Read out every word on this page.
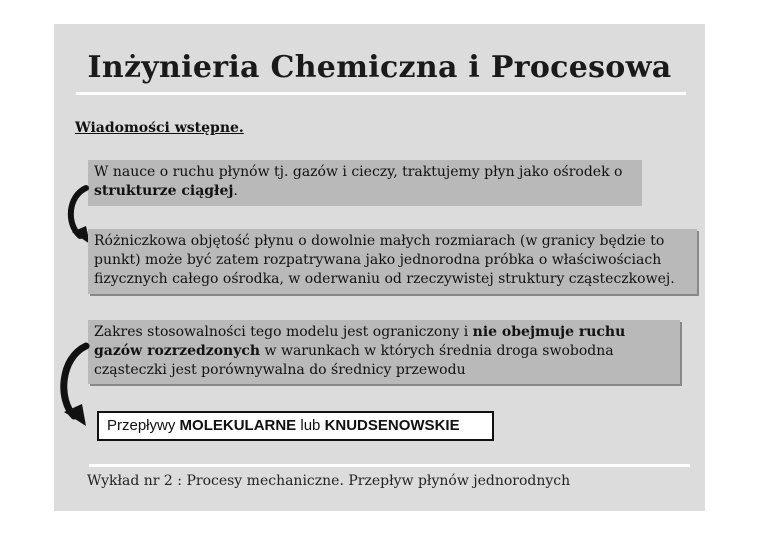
Inżynieria Chemiczna i Procesowa
Wiadomości wstępne.
W nauce o ruchu płynów tj. gazów i cieczy, traktujemy płyn jako ośrodek o strukturze ciągłej.
Różniczkowa objętość płynu o dowolnie małych rozmiarach (w granicy będzie to punkt) może być zatem rozpatrywana jako jednorodna próbka o właściwościach fizycznych całego ośrodka, w oderwaniu od rzeczywistej struktury cząsteczkowej.
Zakres stosowalności tego modelu jest ograniczony i nie obejmuje ruchu gazów rozrzedzonych w warunkach w których średnia droga swobodna cząsteczki jest porównywalna do średnicy przewodu
Przepływy MOLEKULARNE lub KNUDSENOWSKIE
Wykład nr 2 : Procesy mechaniczne. Przepływ płynów jednorodnych
